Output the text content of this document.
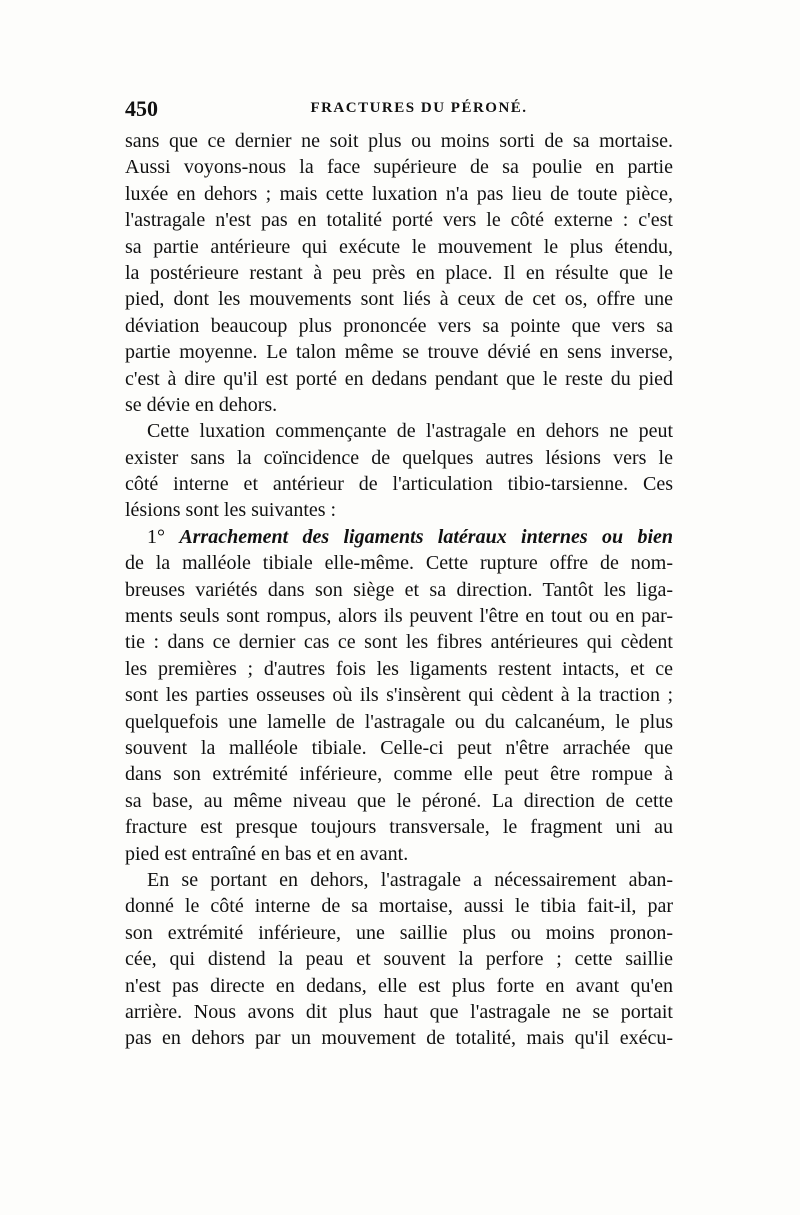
450	FRACTURES DU PÉRONÉ.
sans que ce dernier ne soit plus ou moins sorti de sa mortaise.
Aussi voyons-nous la face supérieure de sa poulie en partie
luxée en dehors ; mais cette luxation n'a pas lieu de toute pièce,
l'astragale n'est pas en totalité porté vers le côté externe : c'est
sa partie antérieure qui exécute le mouvement le plus étendu,
la postérieure restant à peu près en place. Il en résulte que le
pied, dont les mouvements sont liés à ceux de cet os, offre une
déviation beaucoup plus prononcée vers sa pointe que vers sa
partie moyenne. Le talon même se trouve dévié en sens inverse,
c'est à dire qu'il est porté en dedans pendant que le reste du pied
se dévie en dehors.
Cette luxation commençante de l'astragale en dehors ne peut
exister sans la coïncidence de quelques autres lésions vers le
côté interne et antérieur de l'articulation tibio-tarsienne. Ces
lésions sont les suivantes :
1° Arrachement des ligaments latéraux internes ou bien
de la malléole tibiale elle-même. Cette rupture offre de nom-
breuses variétés dans son siège et sa direction. Tantôt les liga-
ments seuls sont rompus, alors ils peuvent l'être en tout ou en par-
tie : dans ce dernier cas ce sont les fibres antérieures qui cèdent
les premières ; d'autres fois les ligaments restent intacts, et ce
sont les parties osseuses où ils s'insèrent qui cèdent à la traction ;
quelquefois une lamelle de l'astragale ou du calcanéum, le plus
souvent la malléole tibiale. Celle-ci peut n'être arrachée que
dans son extrémité inférieure, comme elle peut être rompue à
sa base, au même niveau que le péroné. La direction de cette
fracture est presque toujours transversale, le fragment uni au
pied est entraîné en bas et en avant.
En se portant en dehors, l'astragale a nécessairement aban-
donné le côté interne de sa mortaise, aussi le tibia fait-il, par
son extrémité inférieure, une saillie plus ou moins pronon-
cée, qui distend la peau et souvent la perfore ; cette saillie
n'est pas directe en dedans, elle est plus forte en avant qu'en
arrière. Nous avons dit plus haut que l'astragale ne se portait
pas en dehors par un mouvement de totalité, mais qu'il exécu-
